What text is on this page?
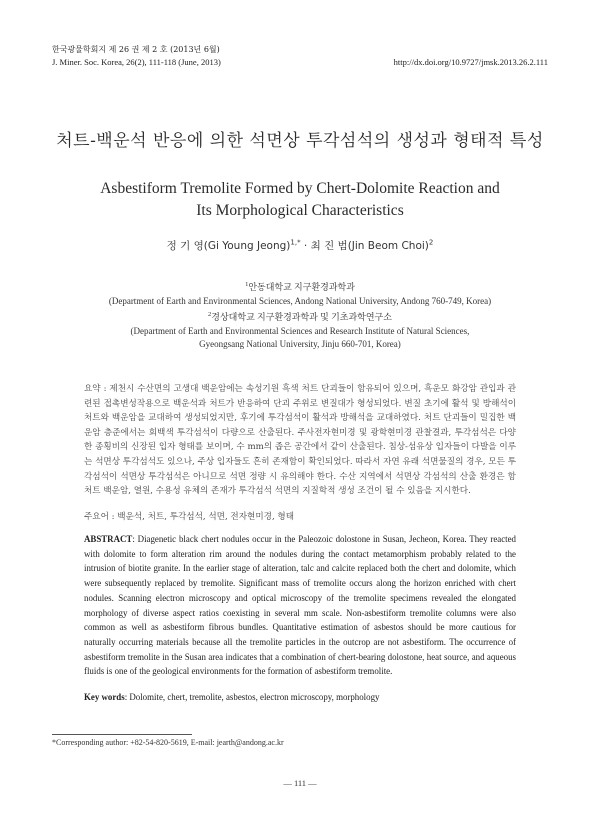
한국광물학회지 제 26 권 제 2 호 (2013년 6월)
J. Miner. Soc. Korea, 26(2), 111-118 (June, 2013)	http://dx.doi.org/10.9727/jmsk.2013.26.2.111
처트-백운석 반응에 의한 석면상 투각섬석의 생성과 형태적 특성
Asbestiform Tremolite Formed by Chert-Dolomite Reaction and
Its Morphological Characteristics
정 기 영(Gi Young Jeong)$^{1,*}$ · 최 진 범(Jin Beom Choi)$^2$
$^1$안동대학교 지구환경과학과
(Department of Earth and Environmental Sciences, Andong National University, Andong 760-749, Korea)
$^2$경상대학교 지구환경과학과 및 기초과학연구소
(Department of Earth and Environmental Sciences and Research Institute of Natural Sciences,
Gyeongsang National University, Jinju 660-701, Korea)
요약 : 제천시 수산면의 고생대 백운암에는 속성기원 흑색 처트 단괴들이 함유되어 있으며, 흑운모 화강암 관입과 관련된 접촉변성작용으로 백운석과 처트가 반응하여 단괴 주위로 변질대가 형성되었다. 변질 초기에 활석 및 방해석이 처트와 백운암을 교대하여 생성되었지만, 후기에 투각섬석이 활석과 방해석을 교대하였다. 처트 단괴들이 밀집한 백운암 층준에서는 회백색 투각섬석이 다량으로 산출된다. 주사전자현미경 및 광학현미경 관찰결과, 투각섬석은 다양한 종횡비의 신장된 입자 형태를 보이며, 수 mm의 좁은 공간에서 같이 산출된다. 침상-섬유상 입자들이 다발을 이루는 석면상 투각섬석도 있으나, 주상 입자들도 흔히 존재함이 확인되었다. 따라서 자연 유래 석면물질의 경우, 모든 투각섬석이 석면상 투각섬석은 아니므로 석면 정량 시 유의해야 한다. 수산 지역에서 석면상 각섬석의 산출 환경은 함처트 백운암, 열원, 수용성 유체의 존재가 투각섬석 석면의 지질학적 생성 조건이 될 수 있음을 지시한다.
주요어 : 백운석, 처트, 투각섬석, 석면, 전자현미경, 형태
ABSTRACT: Diagenetic black chert nodules occur in the Paleozoic dolostone in Susan, Jecheon, Korea. They reacted with dolomite to form alteration rim around the nodules during the contact metamorphism probably related to the intrusion of biotite granite. In the earlier stage of alteration, talc and calcite replaced both the chert and dolomite, which were subsequently replaced by tremolite. Significant mass of tremolite occurs along the horizon enriched with chert nodules. Scanning electron microscopy and optical microscopy of the tremolite specimens revealed the elongated morphology of diverse aspect ratios coexisting in several mm scale. Non-asbestiform tremolite columns were also common as well as asbestiform fibrous bundles. Quantitative estimation of asbestos should be more cautious for naturally occurring materials because all the tremolite particles in the outcrop are not asbestiform. The occurrence of asbestiform tremolite in the Susan area indicates that a combination of chert-bearing dolostone, heat source, and aqueous fluids is one of the geological environments for the formation of asbestiform tremolite.
Key words: Dolomite, chert, tremolite, asbestos, electron microscopy, morphology
*Corresponding author: +82-54-820-5619, E-mail: jearth@andong.ac.kr
— 111 —
